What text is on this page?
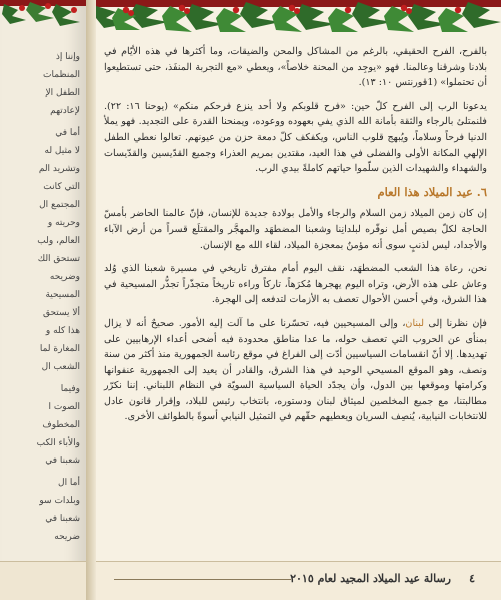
وإننا إذ
المنظمات
الطفل الإ
لإعادتهم
أما في
لا مثيل له
وتشريد الم
التي كانت
المجتمع ال
وحريته و
العالم، ولب
تستحق الك
وضريحه
المسيحية
ألا يستحق
هذا كله و
المغارة لما
الشعب ال
وفيما
الصوت ا
المخطوف
والأباء الكب
شعبنا في
أما ال
وبلدات سو
شعبنا في
ضريحه

بالفرح، الفرح الحقيقي، بالرغم من المشاكل والمحن والضيقات، وما أكثرها في هذه الأيّام في بلادنا وشرقنا وعالمنا. فهو «يوجِد من المحنة خلاصاً»، ويعطي «مع التجربة المنفَذ، حتى تستطيعوا أن تحتملوا» (1قورنتس ١٠: ١٣).

يدعونا الرب إلى الفرح كلّ حين: «فرح قلوبكم ولا أحد ينزع فرحكم منكم» (يوحنا ١٦: ٢٢). فلنمتلئ بالرجاء والثقة بأمانة الله الذي يفي بعهوده ووعوده، ويمنحنا القدرة على التجديد. فهو يملأ الدنيا فرحاً وسلاماً، ويُبهج قلوب الناس، ويكفكف كلّ دمعة حزن من عيونهم. تعالوا نعطي الطفل الإلهي المكانة الأولى والفضلى في هذا العيد، مقتدين بمريم العذراء وجميع القدّيسين والقدّيسات والشهداء والشهيدات الذين سلّموا حياتهم كاملةً بيدي الرب.

٦. عيد الميلاد هذا العام

إن كان زمن الميلاد زمن السلام والرجاء والأمل بولادة جديدة للإنسان، فإنّ عالمنا الحاضر بأمسّ الحاجة لكلّ بصيص أمل نوفّره لبلدانِنا وشعبنا المضطهَد والمهجَّر والمقتلَع قسراً من أرض الآباء والأجداد، ليس لذنبٍ سوى أنه مؤمنٌ بمعجزة الميلاد، لقاء الله مع الإنسان.

نحن، رعاة هذا الشعب المضطهَد، نقف اليوم أمام مفترق تاريخي في مسيرة شعبنا الذي وُلد وعاش على هذه الأرض، وتراه اليوم يهجرها مُكرَهاً، تاركاً وراءه تاريخاً متجذّراً تجذُّر المسيحية في هذا الشرق، وفي أحسن الأحوال تعصف به الأزمات لتدفعه إلى الهجرة.

فإن نظرنا إلى لبنان، وإلى المسيحيين فيه، تحسّرنا على ما آلت إليه الأمور. صحيحٌ أنه لا يزال بمنأى عن الحروب التي تعصف حوله، ما عدا مناطق محدودة فيه أضحى أعداء الإرهابيين على تهديدها. إلا أنّ انقسامات السياسيين أدّت إلى الفراغ في موقع رئاسة الجمهورية منذ أكثر من سنة ونصف، وهو الموقع المسيحي الوحيد في هذا الشرق، والقادر أن يعيد إلى الجمهورية عنفوانها وكرامتها وموقعها بين الدول، وأن يجدّد الحياة السياسية السويّة في النظام اللبناني. إننا نكرّر مطالبتنا، مع جميع المخلصين لميثاق لبنان ودستوره، بانتخاب رئيس للبلاد، وإقرار قانون عادل للانتخابات النيابية، يُنصِف السريان ويعطيهم حقّهم في التمثيل النيابي أسوةً بالطوائف الأخرى.

رسالة عيد الميلاد المجيد لعام ٢٠١٥ ٤
